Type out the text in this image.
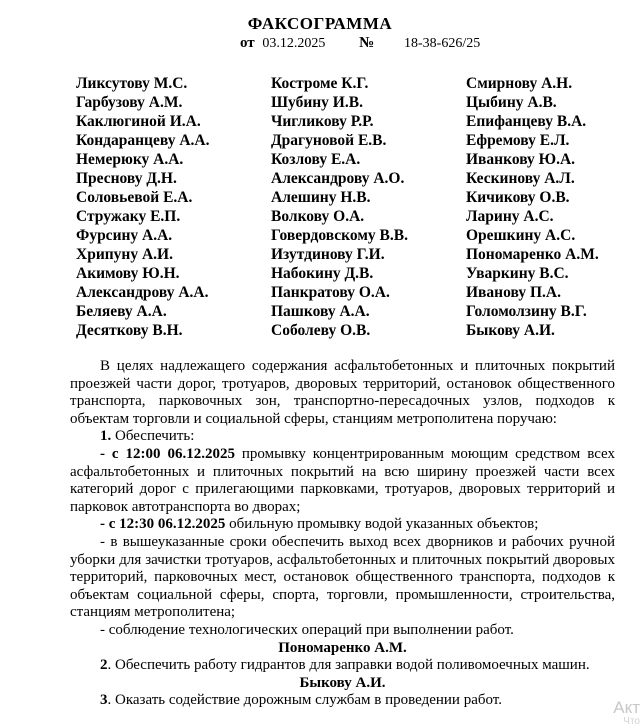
ФАКСОГРАММА
от 03.12.2025 № 18-38-626/25
Ликсутову М.С.
Гарбузову А.М.
Каклюгиной И.А.
Кондаранцеву А.А.
Немерюку А.А.
Преснову Д.Н.
Соловьевой Е.А.
Стружаку Е.П.
Фурсину А.А.
Хрипуну А.И.
Акимову Ю.Н.
Александрову А.А.
Беляеву А.А.
Десяткову В.Н.
Костроме К.Г.
Шубину И.В.
Чигликову Р.Р.
Драгуновой Е.В.
Козлову Е.А.
Александрову А.О.
Алешину Н.В.
Волкову О.А.
Говердовскому В.В.
Изутдинову Г.И.
Набокину Д.В.
Панкратову О.А.
Пашкову А.А.
Соболеву О.В.
Смирнову А.Н.
Цыбину А.В.
Епифанцеву В.А.
Ефремову Е.Л.
Иванкову Ю.А.
Кескинову А.Л.
Кичикову О.В.
Ларину А.С.
Орешкину А.С.
Пономаренко А.М.
Уваркину В.С.
Иванову П.А.
Голомолзину В.Г.
Быкову А.И.

В целях надлежащего содержания асфальтобетонных и плиточных покрытий проезжей части дорог, тротуаров, дворовых территорий, остановок общественного транспорта, парковочных зон, транспортно-пересадочных узлов, подходов к объектам торговли и социальной сферы, станциям метрополитена поручаю:

1. Обеспечить:

- с 12:00 06.12.2025 промывку концентрированным моющим средством всех асфальтобетонных и плиточных покрытий на всю ширину проезжей части всех категорий дорог с прилегающими парковками, тротуаров, дворовых территорий и парковок автотранспорта во дворах;

- с 12:30 06.12.2025 обильную промывку водой указанных объектов;

- в вышеуказанные сроки обеспечить выход всех дворников и рабочих ручной уборки для зачистки тротуаров, асфальтобетонных и плиточных покрытий дворовых территорий, парковочных мест, остановок общественного транспорта, подходов к объектам социальной сферы, спорта, торговли, промышленности, строительства, станциям метрополитена;

- соблюдение технологических операций при выполнении работ.

Пономаренко А.М.

2. Обеспечить работу гидрантов для заправки водой поливомоечных машин.

Быкову А.И.

3. Оказать содействие дорожным службам в проведении работ.	Акт
Что
